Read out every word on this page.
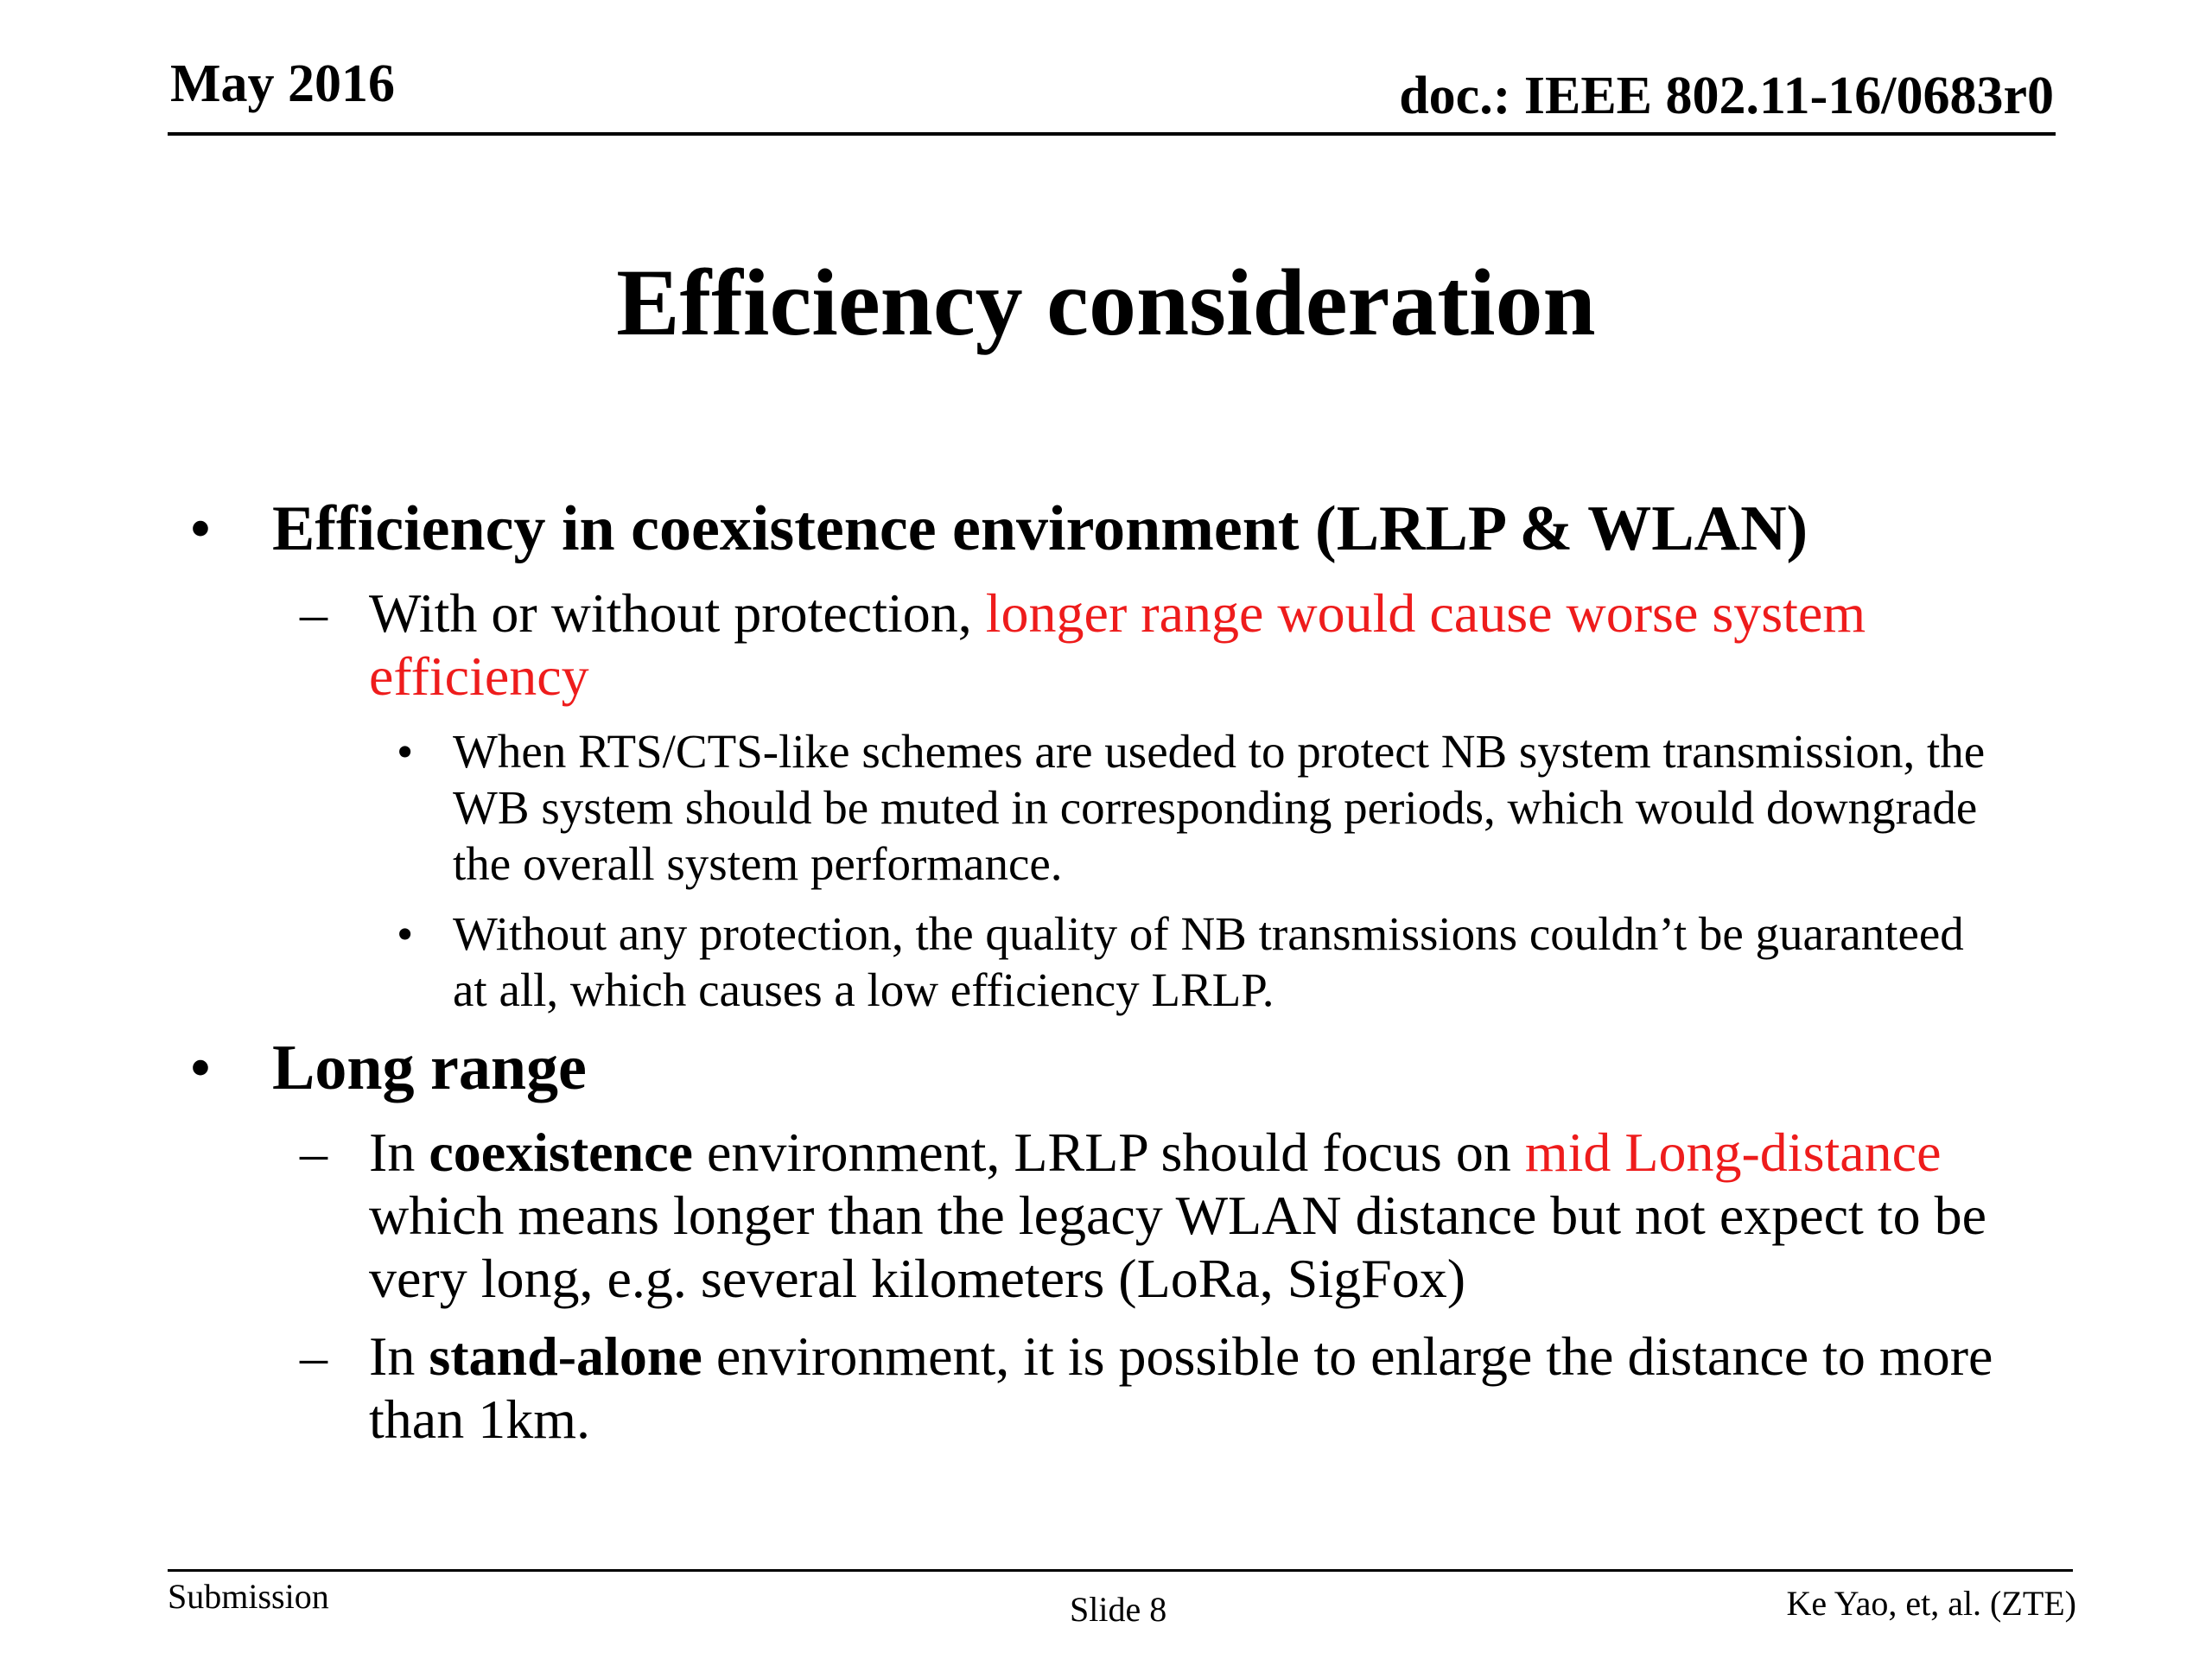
May 2016	doc.: IEEE 802.11-16/0683r0
Efficiency consideration
• Efficiency in coexistence environment (LRLP & WLAN)
– With or without protection, longer range would cause worse system efficiency
• When RTS/CTS-like schemes are useded to protect NB system transmission, the WB system should be muted in corresponding periods, which would downgrade the overall system performance.
• Without any protection, the quality of NB transmissions couldn’t be guaranteed at all, which causes a low efficiency LRLP.
• Long range
– In coexistence environment, LRLP should focus on mid Long-distance which means longer than the legacy WLAN distance but not expect to be very long, e.g. several kilometers (LoRa, SigFox)
– In stand-alone environment, it is possible to enlarge the distance to more than 1km.
Submission	Slide 8	Ke Yao, et, al. (ZTE)
